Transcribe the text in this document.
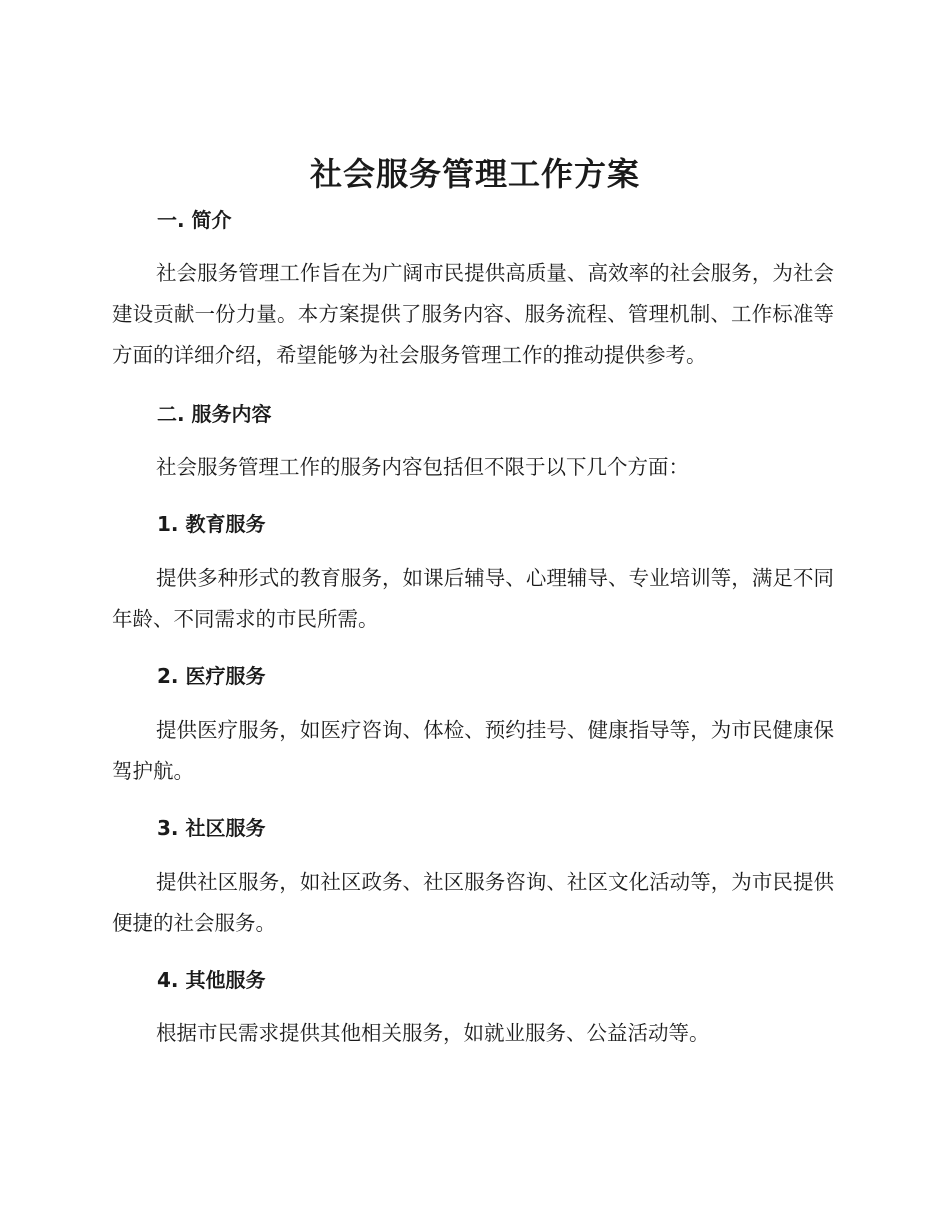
社会服务管理工作方案
一. 简介

社会服务管理工作旨在为广阔市民提供高质量、高效率的社会服务，为社会建设贡献一份力量。本方案提供了服务内容、服务流程、管理机制、工作标准等方面的详细介绍，希望能够为社会服务管理工作的推动提供参考。

二. 服务内容

社会服务管理工作的服务内容包括但不限于以下几个方面：

1. 教育服务

提供多种形式的教育服务，如课后辅导、心理辅导、专业培训等，满足不同年龄、不同需求的市民所需。

2. 医疗服务

提供医疗服务，如医疗咨询、体检、预约挂号、健康指导等，为市民健康保驾护航。

3. 社区服务

提供社区服务，如社区政务、社区服务咨询、社区文化活动等，为市民提供便捷的社会服务。

4. 其他服务

根据市民需求提供其他相关服务，如就业服务、公益活动等。
